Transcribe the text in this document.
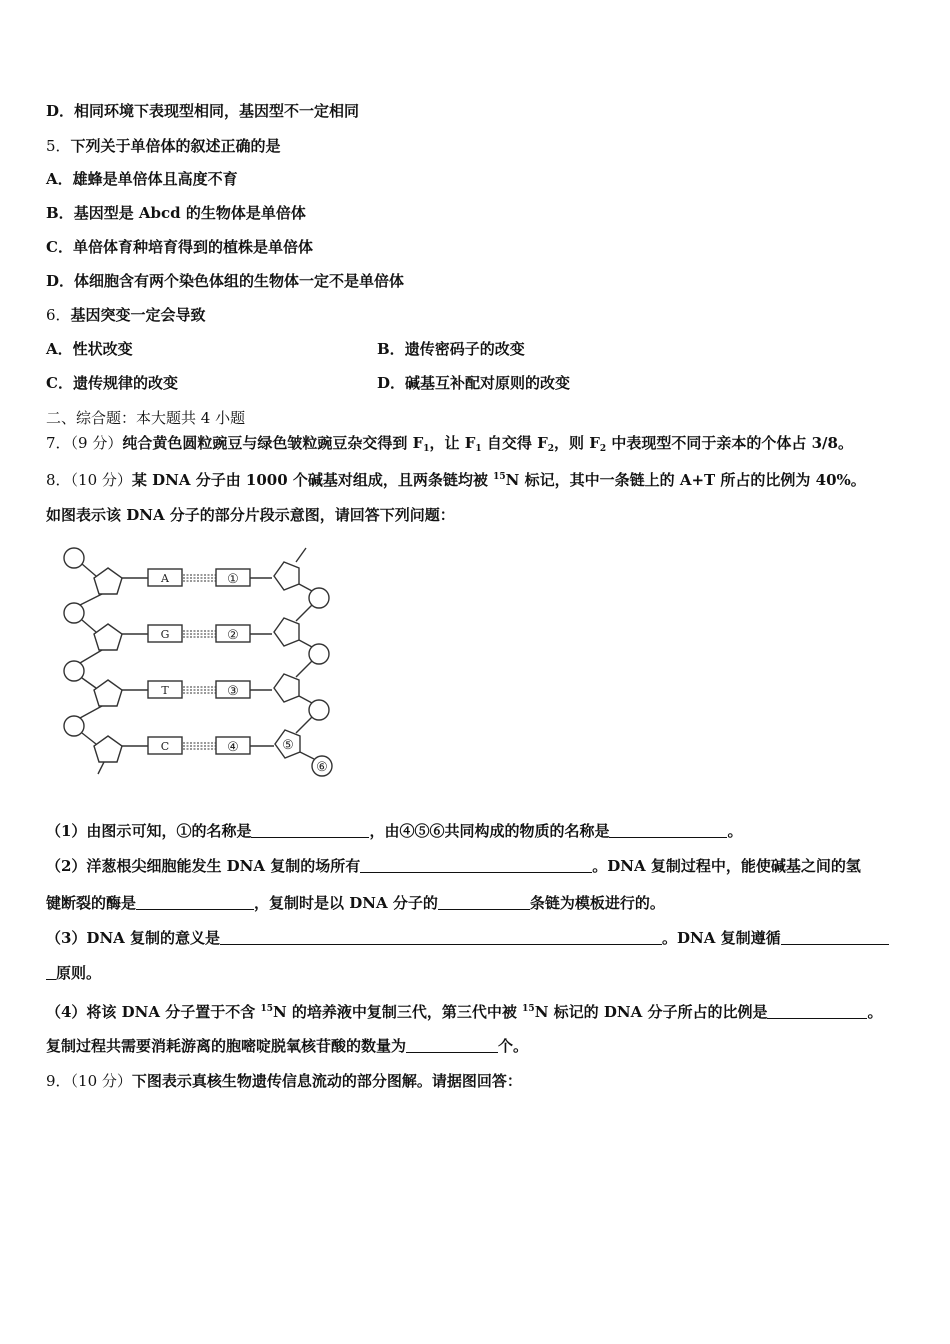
D．相同环境下表现型相同，基因型不一定相同
5．下列关于单倍体的叙述正确的是
A．雄蜂是单倍体且高度不育
B．基因型是 Abcd 的生物体是单倍体
C．单倍体育种培育得到的植株是单倍体
D．体细胞含有两个染色体组的生物体一定不是单倍体
6．基因突变一定会导致
A．性状改变	B．遗传密码子的改变
C．遗传规律的改变	D．碱基互补配对原则的改变
二、综合题：本大题共 4 小题
7．（9 分）纯合黄色圆粒豌豆与绿色皱粒豌豆杂交得到 $F_1$，让 $F_1$ 自交得 $F_2$，则 $F_2$ 中表现型不同于亲本的个体占 3/8。
8．（10 分）某 DNA 分子由 1000 个碱基对组成，且两条链均被 $^{15}$N 标记，其中一条链上的 A+T 所占的比例为 40%。
如图表示该 DNA 分子的部分片段示意图，请回答下列问题：
A
G
T
C
①
②
③
④	⑤
⑥
（1）由图示可知，①的名称是	，由④⑤⑥共同构成的物质的名称是	。
（2）洋葱根尖细胞能发生 DNA 复制的场所有	。DNA 复制过程中，能使碱基之间的氢
键断裂的酶是	，复制时是以 DNA 分子的	条链为模板进行的。
（3）DNA 复制的意义是	。DNA 复制遵循
原则。
（4）将该 DNA 分子置于不含 $^{15}$N 的培养液中复制三代，第三代中被 $^{15}$N 标记的 DNA 分子所占的比例是	。
复制过程共需要消耗游离的胞嘧啶脱氧核苷酸的数量为	个。
9．（10 分）下图表示真核生物遗传信息流动的部分图解。请据图回答：
